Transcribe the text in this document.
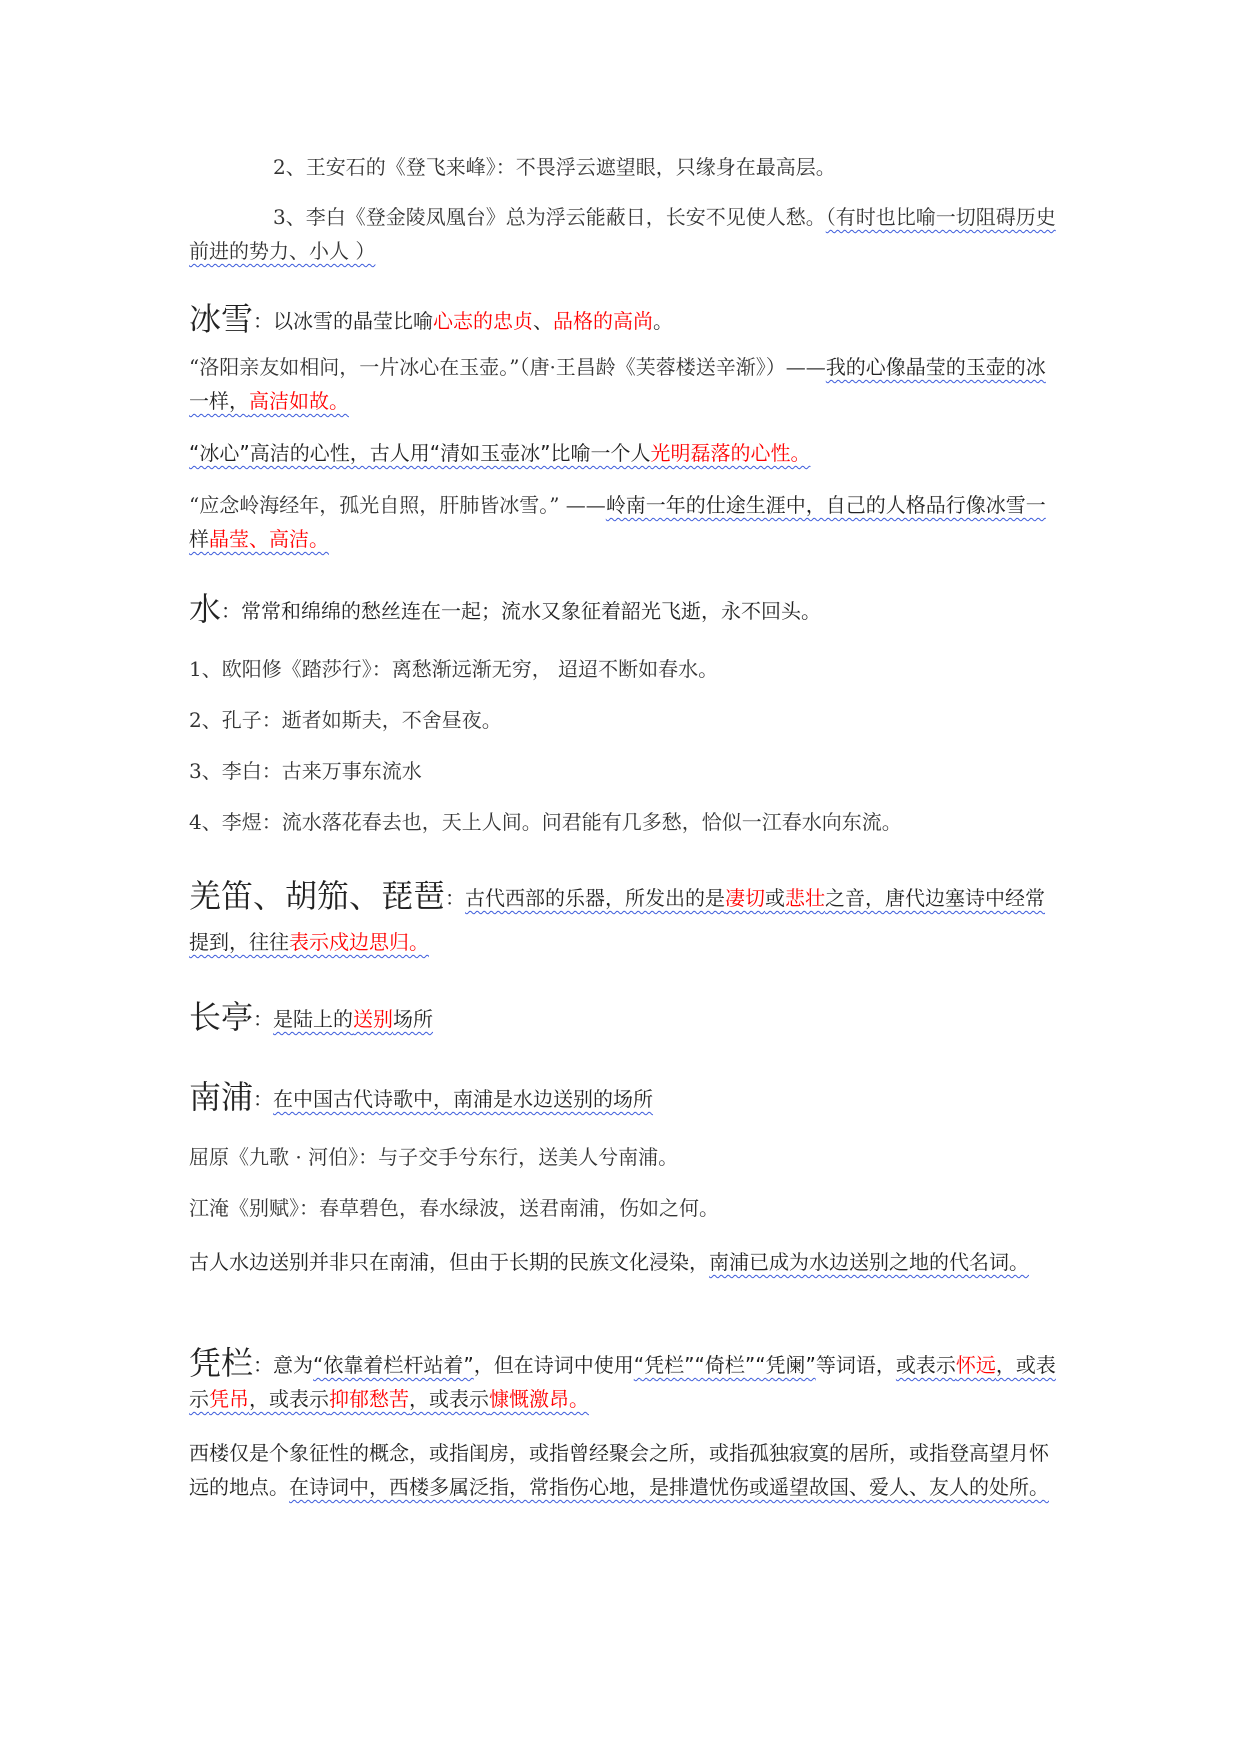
2、王安石的《登飞来峰》：不畏浮云遮望眼，只缘身在最高层。

3、李白《登金陵凤凰台》总为浮云能蔽日，长安不见使人愁。（有时也比喻一切阻碍历史前进的势力、小人 ）

冰雪：以冰雪的晶莹比喻心志的忠贞、品格的高尚。

“洛阳亲友如相问，一片冰心在玉壶。”（唐·王昌龄《芙蓉楼送辛渐》）——我的心像晶莹的玉壶的冰一样，高洁如故。

“冰心”高洁的心性，古人用“清如玉壶冰”比喻一个人光明磊落的心性。

“应念岭海经年，孤光自照，肝肺皆冰雪。” ——岭南一年的仕途生涯中，自己的人格品行像冰雪一样晶莹、高洁。

水：常常和绵绵的愁丝连在一起；流水又象征着韶光飞逝，永不回头。

1、欧阳修《踏莎行》：离愁渐远渐无穷， 迢迢不断如春水。

2、孔子：逝者如斯夫，不舍昼夜。

3、李白：古来万事东流水

4、李煜：流水落花春去也，天上人间。问君能有几多愁，恰似一江春水向东流。

羌笛、胡笳、琵琶：古代西部的乐器，所发出的是凄切或悲壮之音，唐代边塞诗中经常提到，往往表示戍边思归。

长亭：是陆上的送别场所

南浦：在中国古代诗歌中，南浦是水边送别的场所

屈原《九歌 · 河伯》：与子交手兮东行，送美人兮南浦。

江淹《别赋》：春草碧色，春水绿波，送君南浦，伤如之何。

古人水边送别并非只在南浦，但由于长期的民族文化浸染，南浦已成为水边送别之地的代名词。

凭栏：意为“依靠着栏杆站着”，但在诗词中使用“凭栏”“倚栏”“凭阑”等词语，或表示怀远，或表示凭吊，或表示抑郁愁苦，或表示慷慨激昂。

西楼仅是个象征性的概念，或指闺房，或指曾经聚会之所，或指孤独寂寞的居所，或指登高望月怀远的地点。在诗词中，西楼多属泛指，常指伤心地，是排遣忧伤或遥望故国、爱人、友人的处所。
